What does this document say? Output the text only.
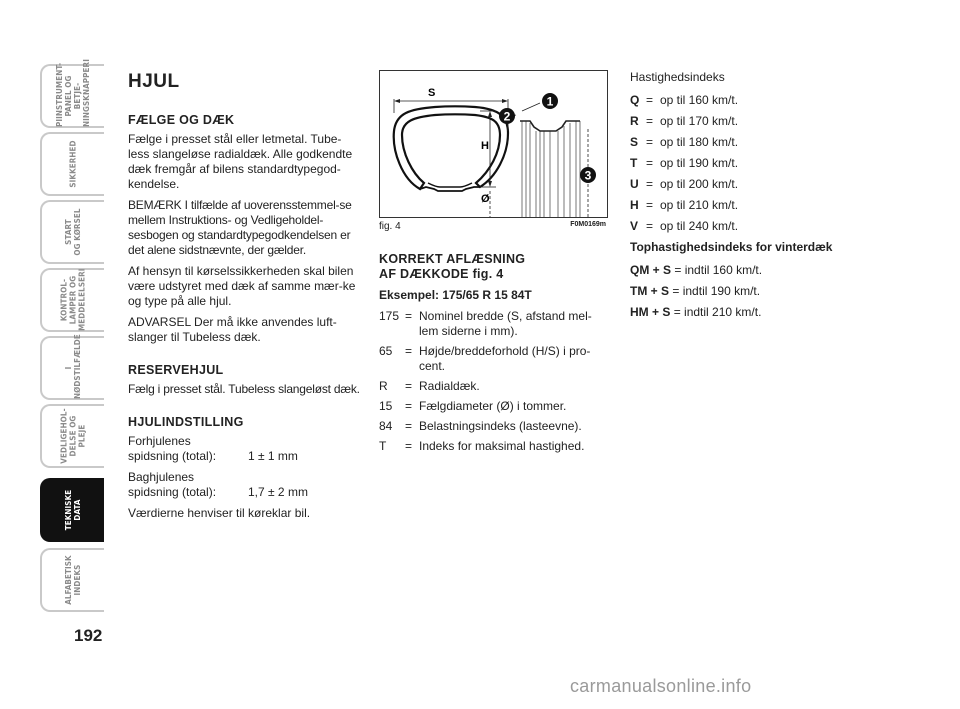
PIINSTRUMENT-
PANEL OG BETJE-
NINGSKNAPPERI
SIKKERHED
START
OG KØRSEL
KONTROL-
LAMPER OG
MEDDELELSERI
I
NØDSTILFÆLDE
VEDLIGEHOL-
DELSE OG
PLEJE
TEKNISKE
DATA
ALFABETISK
INDEKS
192
HJUL
FÆLGE OG DÆK

Fælge i presset stål eller letmetal. Tube-less slangeløse radialdæk. Alle godkendte dæk fremgår af bilens standardtypegod-kendelse.

BEMÆRK I tilfælde af uoverensstemmel-se mellem Instruktions- og Vedligeholdel-sesbogen og standardtypegodkendelsen er det alene sidstnævnte, der gælder.

Af hensyn til kørselssikkerheden skal bilen være udstyret med dæk af samme mær-ke og type på alle hjul.

ADVARSEL Der må ikke anvendes luft-slanger til Tubeless dæk.

RESERVEHJUL

Fælg i presset stål. Tubeless slangeløst dæk.

HJULINDSTILLING
Forhjulenes
spidsning (total):	1 ± 1 mm
Baghjulenes
spidsning (total):	1,7 ± 2 mm

Værdierne henviser til køreklar bil.

S
H
Ø
1
2
3
fig. 4	F0M0169m
KORREKT AFLÆSNING
AF DÆKKODE fig. 4
Eksempel: 175/65 R 15 84T
175 = Nominel bredde (S, afstand mel-lem siderne i mm).
65	= Højde/breddeforhold (H/S) i pro-cent.
R	= Radialdæk.
15	= Fælgdiameter (Ø) i tommer.
84	= Belastningsindeks (lasteevne).
T	= Indeks for maksimal hastighed.
Hastighedsindeks
Q = op til 160 km/t.
R = op til 170 km/t.
S = op til 180 km/t.
T = op til 190 km/t.
U = op til 200 km/t.
H = op til 210 km/t.
V = op til 240 km/t.
Tophastighedsindeks for vinterdæk
QM + S = indtil 160 km/t.
TM + S = indtil 190 km/t.
HM + S = indtil 210 km/t.
carmanualsonline.info
